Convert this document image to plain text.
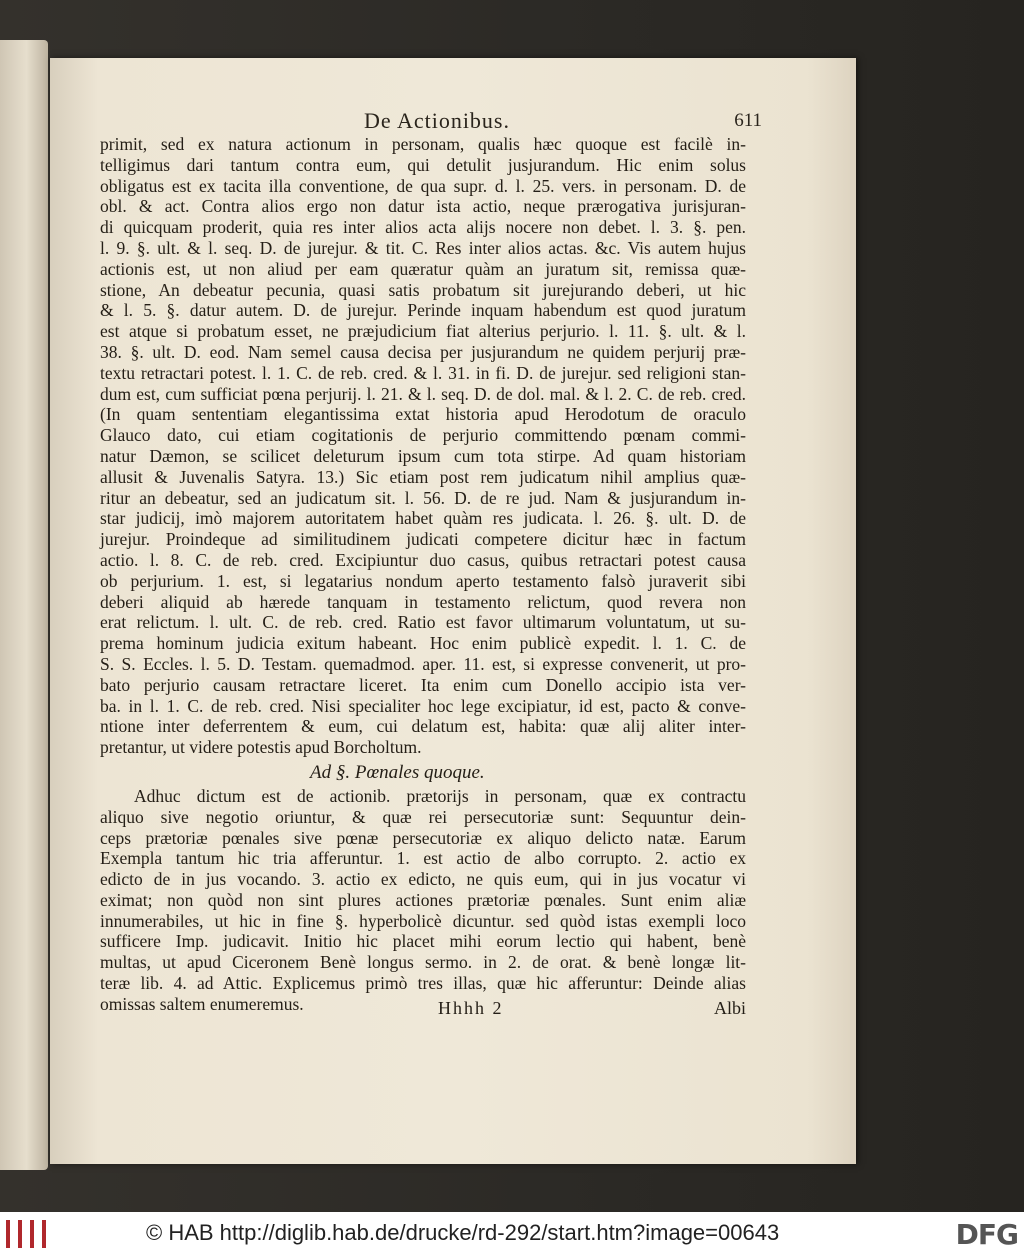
De Actionibus.	611
primit, sed ex natura actionum in personam, qualis hæc quoque est facilè in-
telligimus dari tantum contra eum, qui detulit jusjurandum. Hic enim solus
obligatus est ex tacita illa conventione, de qua supr. d. l. 25. vers. in personam. D. de
obl. & act. Contra alios ergo non datur ista actio, neque prærogativa jurisjuran-
di quicquam proderit, quia res inter alios acta alijs nocere non debet. l. 3. §. pen.
l. 9. §. ult. & l. seq. D. de jurejur. & tit. C. Res inter alios actas. &c. Vis autem hujus
actionis est, ut non aliud per eam quæratur quàm an juratum sit, remissa quæ-
stione, An debeatur pecunia, quasi satis probatum sit jurejurando deberi, ut hic
& l. 5. §. datur autem. D. de jurejur. Perinde inquam habendum est quod juratum
est atque si probatum esset, ne præjudicium fiat alterius perjurio. l. 11. §. ult. & l.
38. §. ult. D. eod. Nam semel causa decisa per jusjurandum ne quidem perjurij præ-
textu retractari potest. l. 1. C. de reb. cred. & l. 31. in fi. D. de jurejur. sed religioni stan-
dum est, cum sufficiat pœna perjurij. l. 21. & l. seq. D. de dol. mal. & l. 2. C. de reb. cred.
(In quam sententiam elegantissima extat historia apud Herodotum de oraculo
Glauco dato, cui etiam cogitationis de perjurio committendo pœnam commi-
natur Dæmon, se scilicet deleturum ipsum cum tota stirpe. Ad quam historiam
allusit & Juvenalis Satyra. 13.) Sic etiam post rem judicatum nihil amplius quæ-
ritur an debeatur, sed an judicatum sit. l. 56. D. de re jud. Nam & jusjurandum in-
star judicij, imò majorem autoritatem habet quàm res judicata. l. 26. §. ult. D. de
jurejur. Proindeque ad similitudinem judicati competere dicitur hæc in factum
actio. l. 8. C. de reb. cred. Excipiuntur duo casus, quibus retractari potest causa
ob perjurium. 1. est, si legatarius nondum aperto testamento falsò juraverit sibi
deberi aliquid ab hærede tanquam in testamento relictum, quod revera non
erat relictum. l. ult. C. de reb. cred. Ratio est favor ultimarum voluntatum, ut su-
prema hominum judicia exitum habeant. Hoc enim publicè expedit. l. 1. C. de
S. S. Eccles. l. 5. D. Testam. quemadmod. aper. 11. est, si expresse convenerit, ut pro-
bato perjurio causam retractare liceret. Ita enim cum Donello accipio ista ver-
ba. in l. 1. C. de reb. cred. Nisi specialiter hoc lege excipiatur, id est, pacto & conve-
ntione inter deferrentem & eum, cui delatum est, habita: quæ alij aliter inter-
pretantur, ut videre potestis apud Borcholtum.
Ad §. Pœnales quoque.
Adhuc dictum est de actionib. prætorijs in personam, quæ ex contractu
aliquo sive negotio oriuntur, & quæ rei persecutoriæ sunt: Sequuntur dein-
ceps prætoriæ pœnales sive pœnæ persecutoriæ ex aliquo delicto natæ. Earum
Exempla tantum hic tria afferuntur. 1. est actio de albo corrupto. 2. actio ex
edicto de in jus vocando. 3. actio ex edicto, ne quis eum, qui in jus vocatur vi
eximat; non quòd non sint plures actiones prætoriæ pœnales. Sunt enim aliæ
innumerabiles, ut hic in fine §. hyperbolicè dicuntur. sed quòd istas exempli loco
sufficere Imp. judicavit. Initio hic placet mihi eorum lectio qui habent, benè
multas, ut apud Ciceronem Benè longus sermo. in 2. de orat. & benè longæ lit-
teræ lib. 4. ad Attic. Explicemus primò tres illas, quæ hic afferuntur: Deinde alias
omissas saltem enumeremus.	Hhhh 2	Albi
© HAB http://diglib.hab.de/drucke/rd-292/start.htm?image=00643	DFG
